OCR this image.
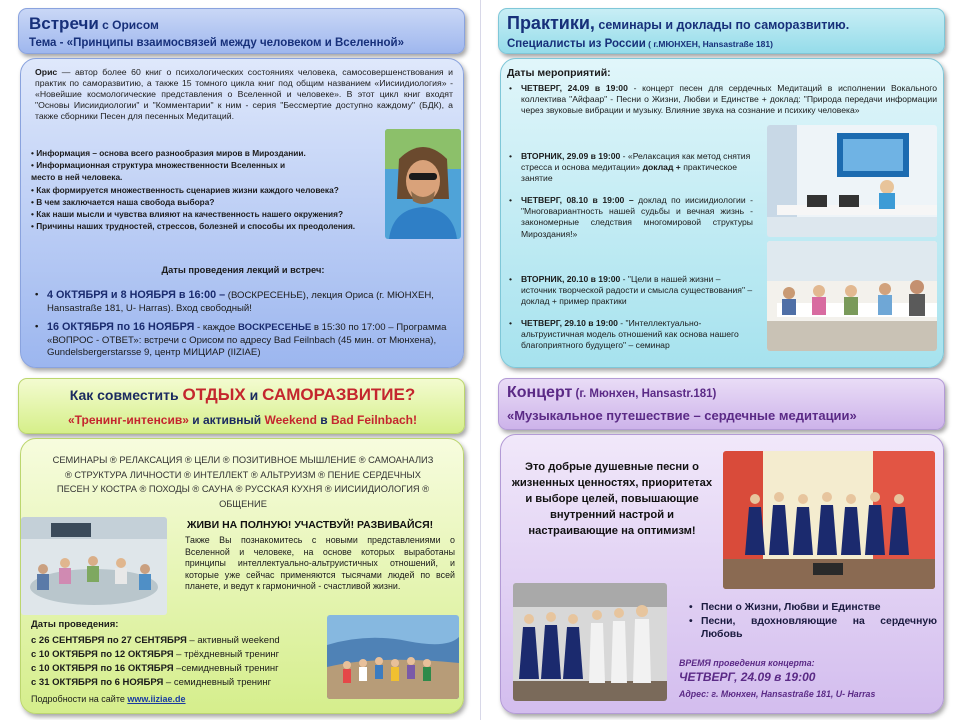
Встречи с Орисом
Тема - «Принципы взаимосвязей между человеком и Вселенной»
Орис — автор более 60 книг о психологических состояниях человека, самосовершенствования и практик по саморазвитию, а также 15 томного цикла книг под общим названием «Иисиидиология» - «Новейшие космологические представления о Вселенной и человеке». В этот цикл книг входят "Основы Иисиидиологии" и "Комментарии" к ним - серия "Бессмертие доступно каждому" (БДК), а также сборники Песен для песенных Медитаций.
• Информация – основа всего разнообразия миров в Мироздании.
• Информационная структура множественности Вселенных и
место в ней человека.
• Как формируется множественность сценариев жизни каждого человека?
• В чем заключается наша свобода выбора?
• Как наши мысли и чувства влияют на качественность нашего окружения?
• Причины наших трудностей, стрессов, болезней и способы их преодоления.
Даты проведения лекций и встреч:
• 4 ОКТЯБРЯ и 8 НОЯБРЯ в 16:00 – (ВОСКРЕСЕНЬЕ), лекция Ориса (г. МЮНХЕН, Hansastraße 181, U- Harras). Вход свободный!
• 16 ОКТЯБРЯ по 16 НОЯБРЯ - каждое ВОСКРЕСЕНЬЕ в 15:30 по 17:00 – Программа «ВОПРОС - ОТВЕТ»: встречи с Орисом по адресу Bad Feilnbach (45 мин. от Мюнхена), Gundelsbergerstarsse 9, центр МИЦИАР (IIZIAE)
Практики, семинары и доклады по саморазвитию.
Специалисты из России ( г.МЮНХЕН, Hansastraße 181)
Даты мероприятий:
• ЧЕТВЕРГ, 24.09 в 19:00 - концерт песен для сердечных Медитаций в исполнении Вокального коллектива "Айфаар" - Песни о Жизни, Любви и Единстве + доклад: "Природа передачи информации через звуковые вибрации и музыку. Влияние звука на сознание и психику человека»
• ВТОРНИК, 29.09 в 19:00 - «Релаксация как метод снятия стресса и основа медитации» доклад + практическое занятие
• ЧЕТВЕРГ, 08.10 в 19:00 – доклад по иисиидиологии - "Многовариантность нашей судьбы и вечная жизнь - закономерные следствия многомировой структуры Мироздания!»
• ВТОРНИК, 20.10 в 19:00 - "Цели в нашей жизни – источник творческой радости и смысла существования" – доклад + пример практики
• ЧЕТВЕРГ, 29.10 в 19:00 - "Интеллектуально-альтруистичная модель отношений как основа нашего благоприятного будущего" – семинар
Как совместить ОТДЫХ и САМОРАЗВИТИЕ?
«Тренинг-интенсив» и активный Weekend в Bad Feilnbach!
СЕМИНАРЫ ® РЕЛАКСАЦИЯ ® ЦЕЛИ ® ПОЗИТИВНОЕ МЫШЛЕНИЕ ® САМОАНАЛИЗ ® СТРУКТУРА ЛИЧНОСТИ ® ИНТЕЛЛЕКТ ® АЛЬТРУИЗМ ® ПЕНИЕ СЕРДЕЧНЫХ ПЕСЕН У КОСТРА ® ПОХОДЫ ® САУНА ® РУССКАЯ КУХНЯ ® ИИСИИДИОЛОГИЯ ® ОБЩЕНИЕ
ЖИВИ НА ПОЛНУЮ! УЧАСТВУЙ! РАЗВИВАЙСЯ!
Также Вы познакомитесь с новыми представлениями о Вселенной и человеке, на основе которых выработаны принципы интеллектуально-альтруистичных отношений, и которые уже сейчас применяются тысячами людей по всей планете, и ведут к гармоничной - счастливой жизни.
Даты проведения:
с 26 СЕНТЯБРЯ по 27 СЕНТЯБРЯ – активный weekend
с 10 ОКТЯБРЯ по 12 ОКТЯБРЯ – трёхдневный тренинг
с 10 ОКТЯБРЯ по 16 ОКТЯБРЯ –семидневный тренинг
с 31 ОКТЯБРЯ по 6 НОЯБРЯ – семидневный тренинг
Подробности на сайте www.iiziae.de
Концерт (г. Мюнхен, Hansastr.181)
«Музыкальное путешествие – сердечные медитации»
Это добрые душевные песни о жизненных ценностях, приоритетах и выборе целей, повышающие внутренний настрой и настраивающие на оптимизм!
• Песни о Жизни, Любви и Единстве
• Песни, вдохновляющие на сердечную Любовь
ВРЕМЯ проведения концерта:
ЧЕТВЕРГ, 24.09 в 19:00
Адрес: г. Мюнхен, Hansastraße 181, U- Harras
